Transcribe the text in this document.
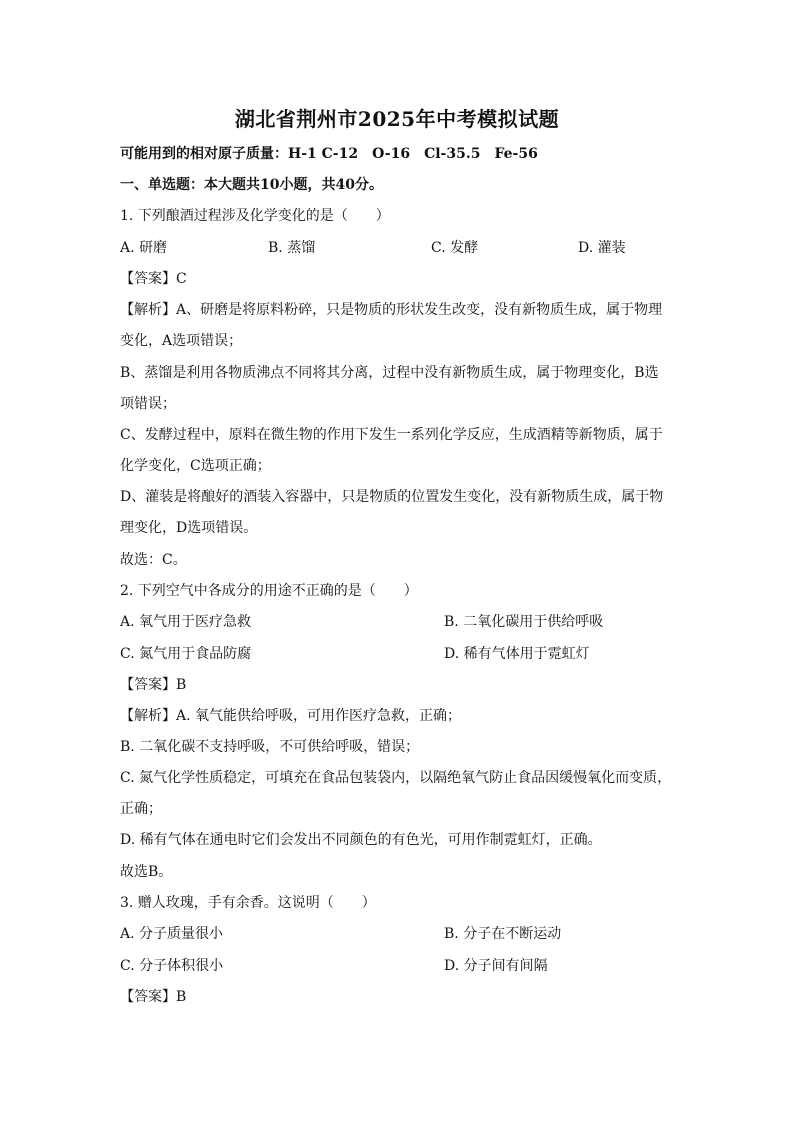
湖北省荆州市2025年中考模拟试题
可能用到的相对原子质量：H-1 C-12　O-16　Cl-35.5　Fe-56
一、单选题：本大题共10小题，共40分。
1. 下列酿酒过程涉及化学变化的是（　　）
A. 研磨	B. 蒸馏	C. 发酵	D. 灌装
【答案】C
【解析】A、研磨是将原料粉碎，只是物质的形状发生改变，没有新物质生成，属于物理
变化，A选项错误；
B、蒸馏是利用各物质沸点不同将其分离，过程中没有新物质生成，属于物理变化，B选
项错误；
C、发酵过程中，原料在微生物的作用下发生一系列化学反应，生成酒精等新物质，属于
化学变化，C选项正确；
D、灌装是将酿好的酒装入容器中，只是物质的位置发生变化，没有新物质生成，属于物
理变化，D选项错误。
故选：C。
2. 下列空气中各成分的用途不正确的是（　　）
A. 氧气用于医疗急救	B. 二氧化碳用于供给呼吸
C. 氮气用于食品防腐	D. 稀有气体用于霓虹灯
【答案】B
【解析】A. 氧气能供给呼吸，可用作医疗急救，正确；
B. 二氧化碳不支持呼吸，不可供给呼吸，错误；
C. 氮气化学性质稳定，可填充在食品包装袋内，以隔绝氧气防止食品因缓慢氧化而变质，
正确；
D. 稀有气体在通电时它们会发出不同颜色的有色光，可用作制霓虹灯，正确。
故选B。
3. 赠人玫瑰，手有余香。这说明（　　）
A. 分子质量很小	B. 分子在不断运动
C. 分子体积很小	D. 分子间有间隔
【答案】B
